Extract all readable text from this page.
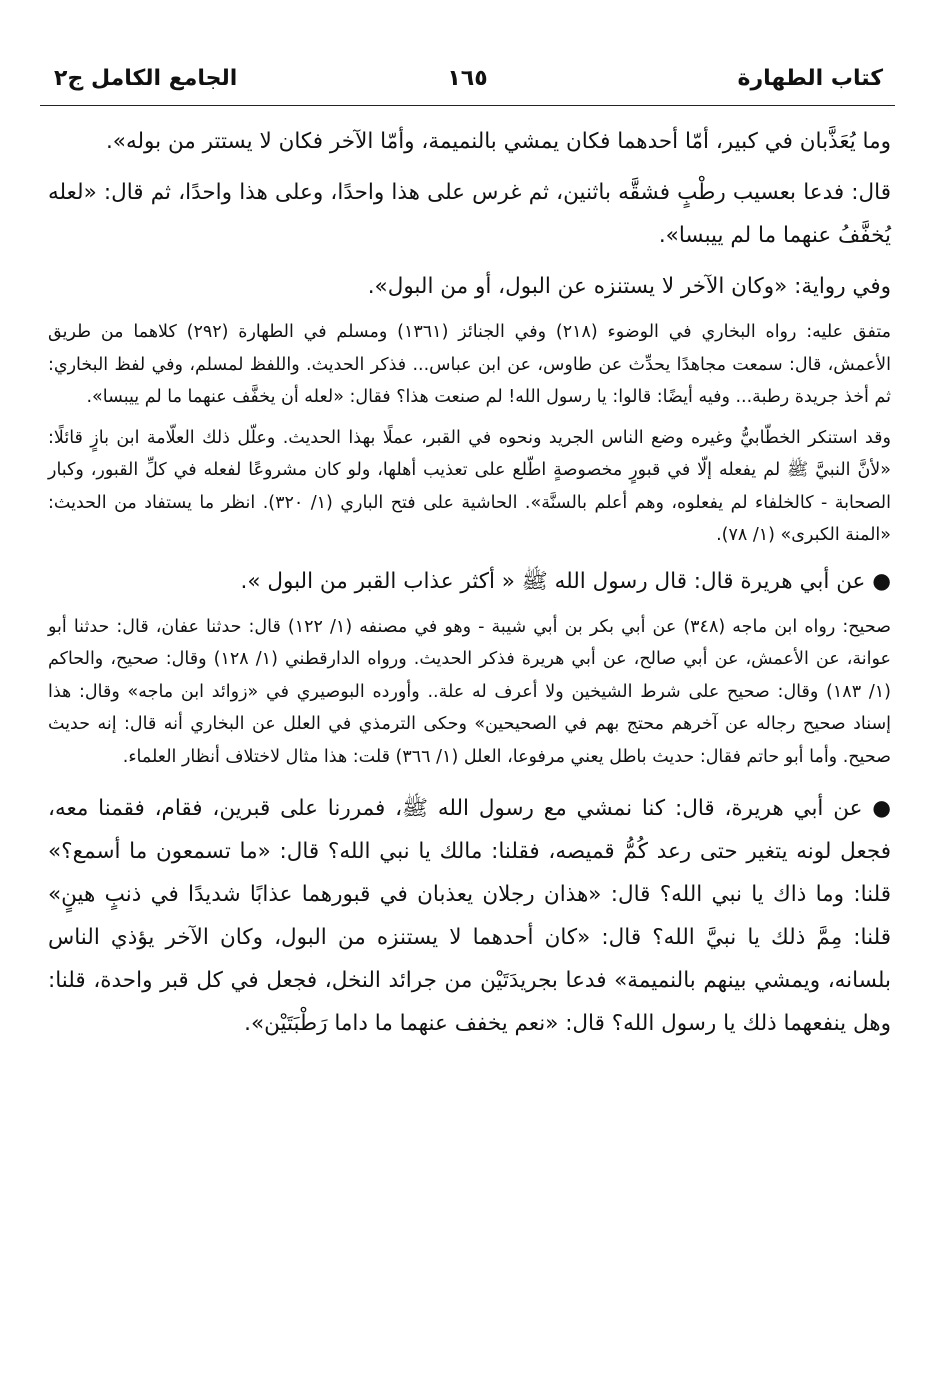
كتاب الطهارة
١٦٥
الجامع الكامل ج٢

وما يُعَذَّبان في كبير، أمّا أحدهما فكان يمشي بالنميمة، وأمّا الآخر فكان لا يستتر من بوله».

قال: فدعا بعسيب رطْبٍ فشقَّه باثنين، ثم غرس على هذا واحدًا، وعلى هذا واحدًا، ثم قال: «لعله يُخفَّفُ عنهما ما لم ييبسا».

وفي رواية: «وكان الآخر لا يستنزه عن البول، أو من البول».

متفق عليه: رواه البخاري في الوضوء (٢١٨) وفي الجنائز (١٣٦١) ومسلم في الطهارة (٢٩٢) كلاهما من طريق الأعمش، قال: سمعت مجاهدًا يحدِّث عن طاوس، عن ابن عباس... فذكر الحديث. واللفظ لمسلم، وفي لفظ البخاري: ثم أخذ جريدة رطبة... وفيه أيضًا: قالوا: يا رسول الله! لم صنعت هذا؟ فقال: «لعله أن يخفَّف عنهما ما لم ييبسا».

وقد استنكر الخطّابيُّ وغيره وضع الناس الجريد ونحوه في القبر، عملًا بهذا الحديث. وعلّل ذلك العلّامة ابن بازٍ قائلًا: «لأنَّ النبيَّ ﷺ لم يفعله إلّا في قبورٍ مخصوصةٍ اطّلع على تعذيب أهلها، ولو كان مشروعًا لفعله في كلِّ القبور، وكبار الصحابة - كالخلفاء لم يفعلوه، وهم أعلم بالسنَّة». الحاشية على فتح الباري (١/ ٣٢٠). انظر ما يستفاد من الحديث: «المنة الكبرى» (١/ ٧٨).

● عن أبي هريرة قال: قال رسول الله ﷺ « أكثر عذاب القبر من البول ».

صحيح: رواه ابن ماجه (٣٤٨) عن أبي بكر بن أبي شيبة - وهو في مصنفه (١/ ١٢٢) قال: حدثنا عفان، قال: حدثنا أبو عوانة، عن الأعمش، عن أبي صالح، عن أبي هريرة فذكر الحديث. ورواه الدارقطني (١/ ١٢٨) وقال: صحيح، والحاكم (١/ ١٨٣) وقال: صحيح على شرط الشيخين ولا أعرف له علة.. وأورده البوصيري في «زوائد ابن ماجه» وقال: هذا إسناد صحيح رجاله عن آخرهم محتج بهم في الصحيحين» وحكى الترمذي في العلل عن البخاري أنه قال: إنه حديث صحيح. وأما أبو حاتم فقال: حديث باطل يعني مرفوعا، العلل (١/ ٣٦٦) قلت: هذا مثال لاختلاف أنظار العلماء.

● عن أبي هريرة، قال: كنا نمشي مع رسول الله ﷺ، فمررنا على قبرين، فقام، فقمنا معه، فجعل لونه يتغير حتى رعد كُمُّ قميصه، فقلنا: مالك يا نبي الله؟ قال: «ما تسمعون ما أسمع؟» قلنا: وما ذاك يا نبي الله؟ قال: «هذان رجلان يعذبان في قبورهما عذابًا شديدًا في ذنبٍ هينٍ» قلنا: مِمَّ ذلك يا نبيَّ الله؟ قال: «كان أحدهما لا يستنزه من البول، وكان الآخر يؤذي الناس بلسانه، ويمشي بينهم بالنميمة» فدعا بجريدَتَيْن من جرائد النخل، فجعل في كل قبر واحدة، قلنا: وهل ينفعهما ذلك يا رسول الله؟ قال: «نعم يخفف عنهما ما داما رَطْبَتَيْن».
